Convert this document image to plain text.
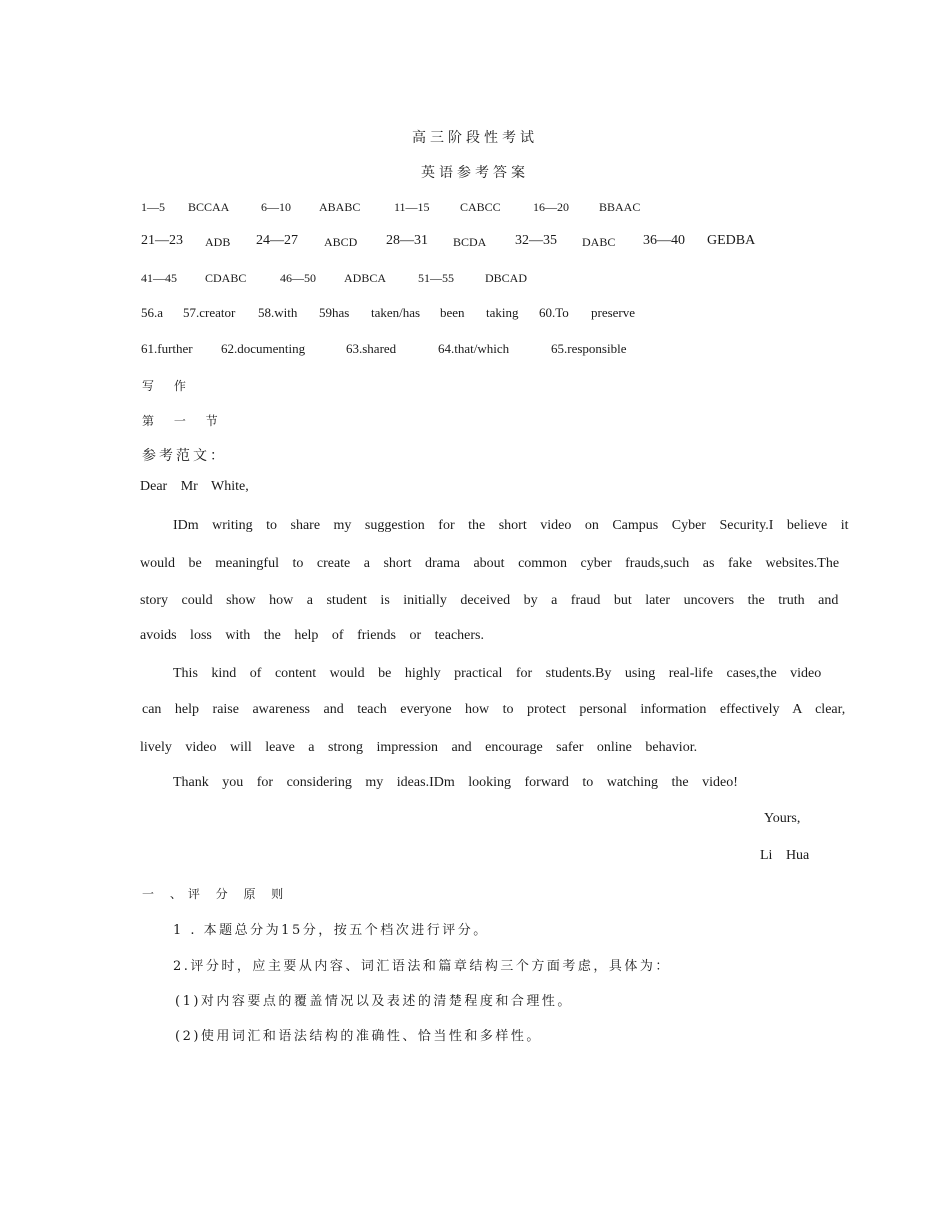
高三阶段性考试
英语参考答案
1—5 BCCAA	6—10 ABABC	11—15	CABCC	16—20	BBAAC
21—23 ADB 24—27 ABCD 28—31 BCDA 32—35 DABC 36—40 GEDBA
41—45 CDABC	46—50 ADBCA	51—55	DBCAD
56.a 57.creator 58.with 59has taken/has been taking 60.To preserve
61.further 62.documenting	63.shared	64.that/which	65.responsible
写 作
第 一 节
参考范文：
Dear Mr White,
IDm writing to share my suggestion for the short video on Campus Cyber Security.I believe it
would be meaningful to create a short drama about common cyber frauds,such as fake websites.The
story could show how a student is initially deceived by a fraud but later uncovers the truth and
avoids loss with the help of friends or teachers.
This kind of content would be highly practical for students.By using real-life cases,the video
can help raise awareness and teach everyone how to protect personal information effectively A clear,
lively video will leave a strong impression and encourage safer online behavior.
Thank you for considering my ideas.IDm looking forward to watching the video!
Yours,
Li Hua
一 、评 分 原 则
1 . 本题总分为15分，按五个档次进行评分。
2.评分时，应主要从内容、词汇语法和篇章结构三个方面考虑，具体为：
(1)对内容要点的覆盖情况以及表述的清楚程度和合理性。
(2)使用词汇和语法结构的准确性、恰当性和多样性。
